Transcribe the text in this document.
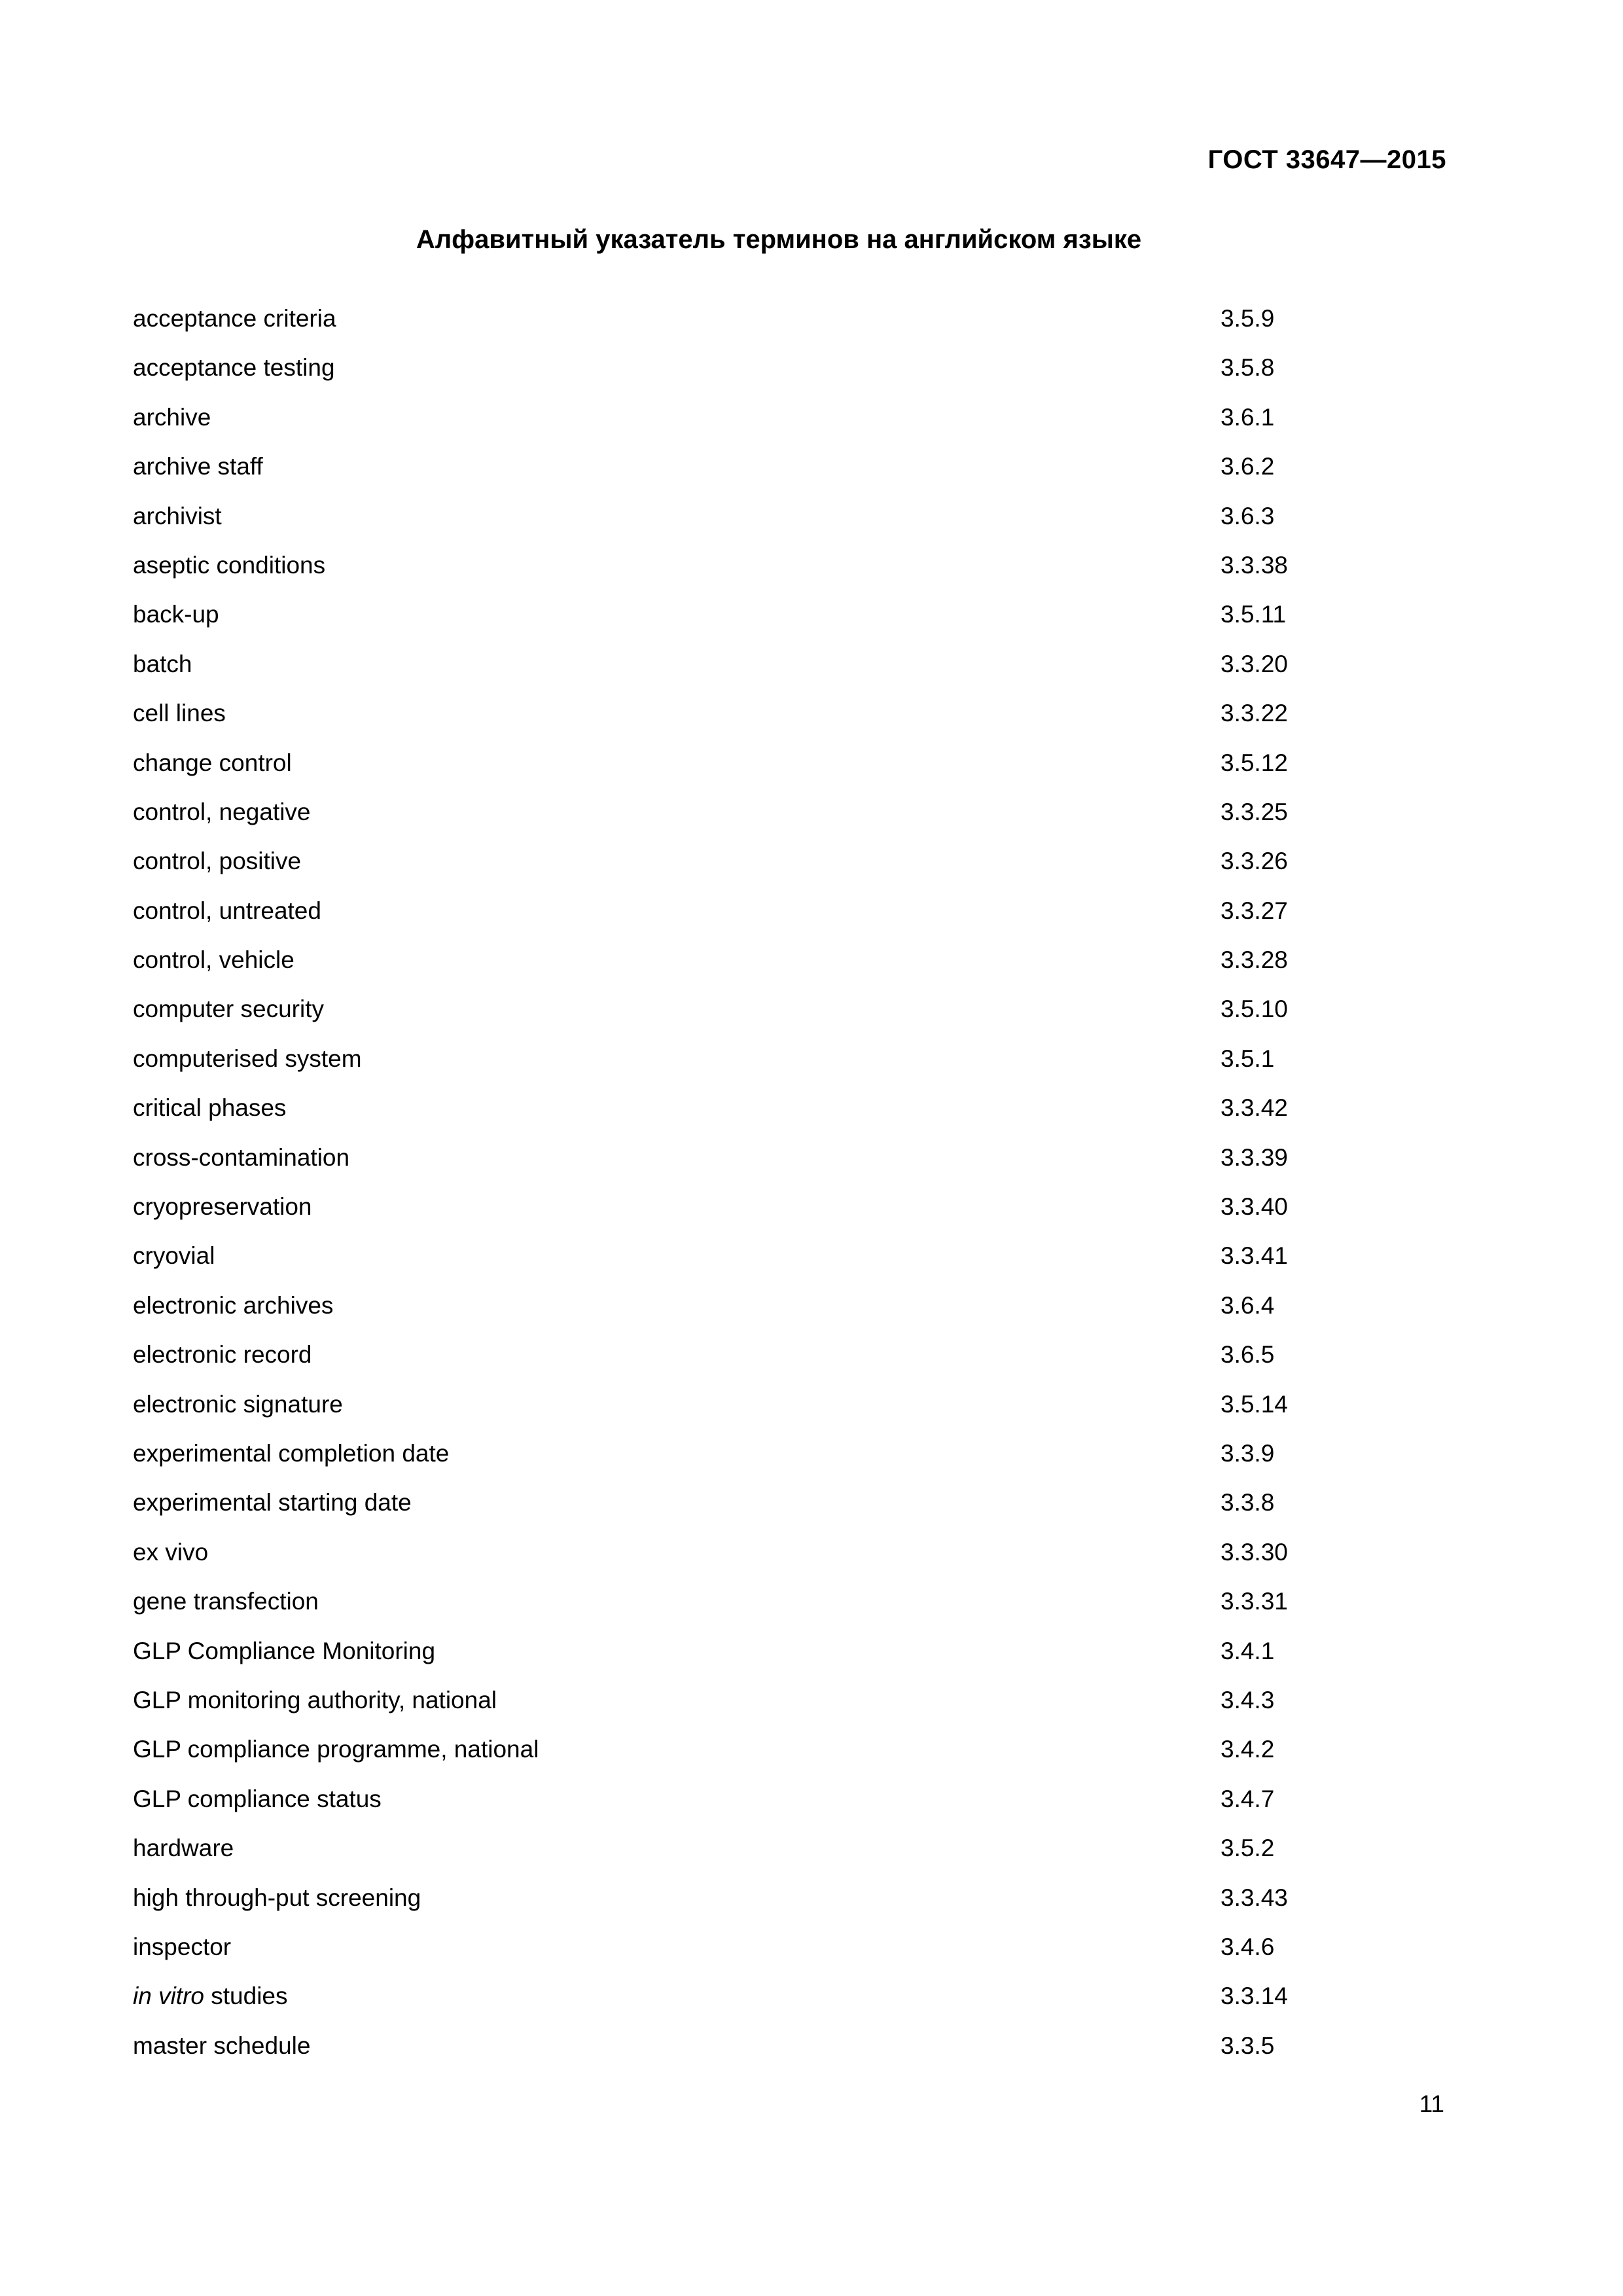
ГОСТ 33647—2015
Алфавитный указатель терминов на английском языке
acceptance criteria	3.5.9
acceptance testing	3.5.8
archive	3.6.1
archive staff	3.6.2
archivist	3.6.3
aseptic conditions	3.3.38
back-up	3.5.11
batch	3.3.20
cell lines	3.3.22
change control	3.5.12
control, negative	3.3.25
control, positive	3.3.26
control, untreated	3.3.27
control, vehicle	3.3.28
computer security	3.5.10
computerised system	3.5.1
critical phases	3.3.42
cross-contamination	3.3.39
cryopreservation	3.3.40
cryovial	3.3.41
electronic archives	3.6.4
electronic record	3.6.5
electronic signature	3.5.14
experimental completion date	3.3.9
experimental starting date	3.3.8
ex vivo	3.3.30
gene transfection	3.3.31
GLP Compliance Monitoring	3.4.1
GLP monitoring authority, national	3.4.3
GLP compliance programme, national	3.4.2
GLP compliance status	3.4.7
hardware	3.5.2
high through-put screening	3.3.43
inspector	3.4.6
in vitro studies	3.3.14
master schedule	3.3.5
11
